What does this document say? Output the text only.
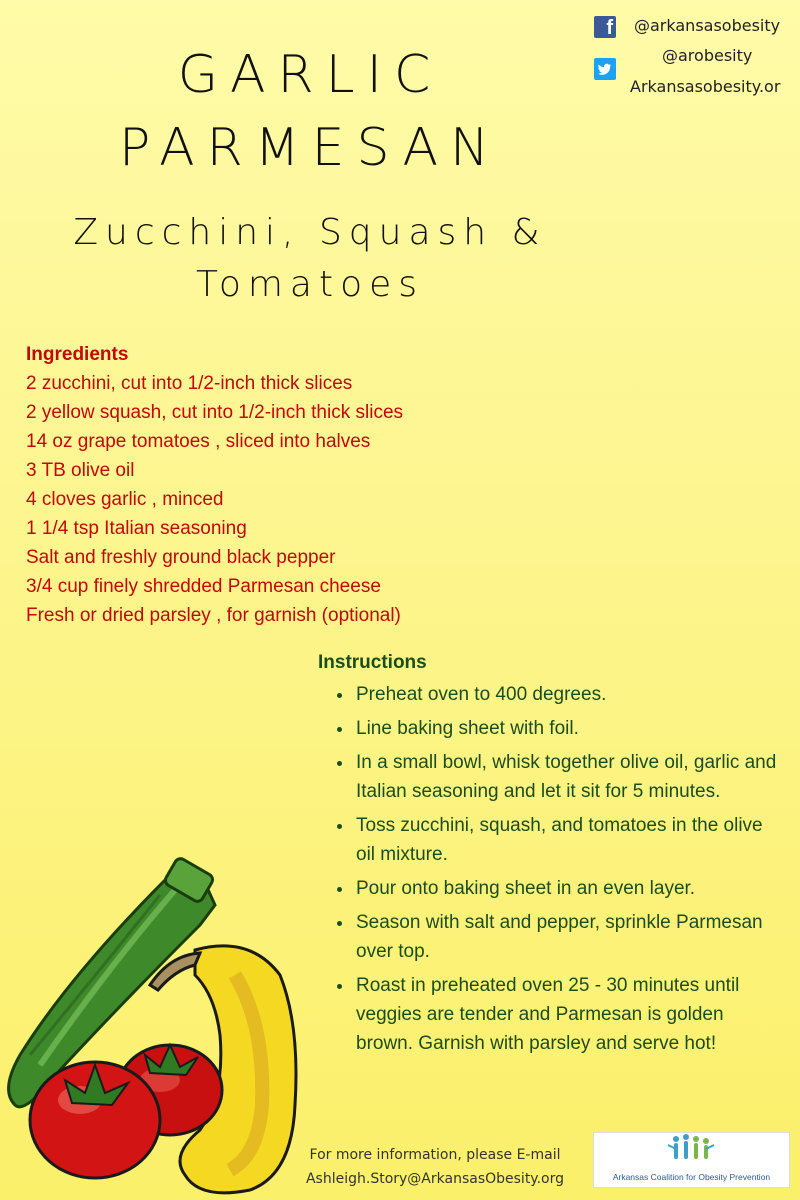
GARLIC
PARMESAN
Zucchini, Squash &
Tomatoes
f @arkansasobesity
@arobesity
Arkansasobesity.or
Ingredients
2 zucchini, cut into 1/2-inch thick slices
2 yellow squash, cut into 1/2-inch thick slices
14 oz grape tomatoes , sliced into halves
3 TB olive oil
4 cloves garlic , minced
1 1/4 tsp Italian seasoning
Salt and freshly ground black pepper
3/4 cup finely shredded Parmesan cheese
Fresh or dried parsley , for garnish (optional)
Instructions
• Preheat oven to 400 degrees.
• Line baking sheet with foil.
• In a small bowl, whisk together olive oil, garlic and Italian seasoning and let it sit for 5 minutes.
• Toss zucchini, squash, and tomatoes in the olive oil mixture.
• Pour onto baking sheet in an even layer.
• Season with salt and pepper, sprinkle Parmesan over top.
• Roast in preheated oven 25 - 30 minutes until veggies are tender and Parmesan is golden brown. Garnish with parsley and serve hot!
For more information, please E-mail
Ashleigh.Story@ArkansasObesity.org	Arkansas Coalition for Obesity Prevention
